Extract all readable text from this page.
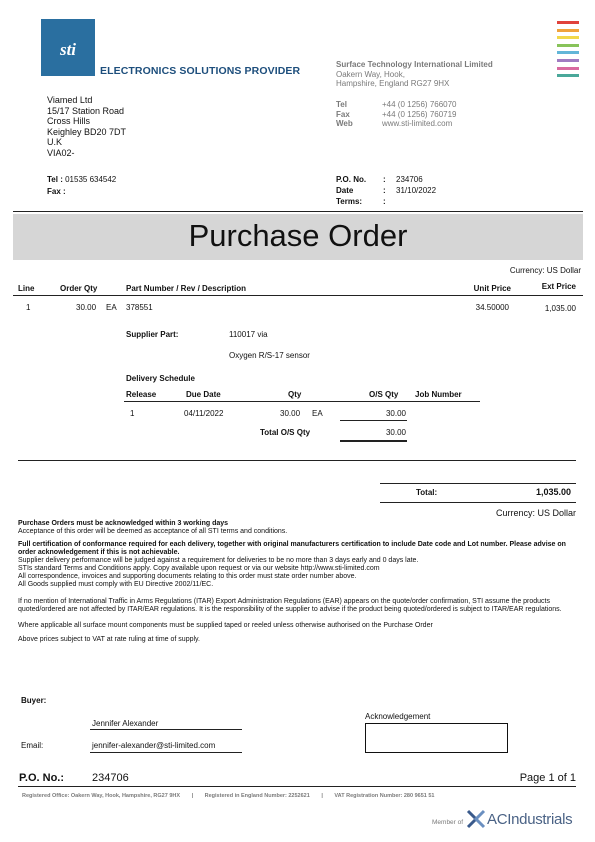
sti
ELECTRONICS SOLUTIONS PROVIDER
Surface Technology International Limited
Oakern Way, Hook,
Hampshire, England RG27 9HX
Tel	+44 (0 1256) 766070
Fax	+44 (0 1256) 760719
Web	www.sti-limited.com
Viamed Ltd
15/17 Station Road
Cross Hills
Keighley BD20 7DT
U.K
VIA02-
Tel : 01535 634542
Fax :
P.O. No.	:	234706
Date	:	31/10/2022
Terms:	:
Purchase Order
Currency: US Dollar
Line	Order Qty	Part Number / Rev / Description	Unit Price	Ext Price
1	30.00 EA 378551	34.50000	1,035.00
Supplier Part:	110017 via
Oxygen R/S-17 sensor
Delivery Schedule
Release	Due Date	Qty	O/S Qty Job Number
1	04/11/2022	30.00 EA	30.00
Total O/S Qty	30.00
Total:	1,035.00
Currency: US Dollar
Purchase Orders must be acknowledged within 3 working days
Acceptance of this order will be deemed as acceptance of all STI terms and conditions.
Full certification of conformance required for each delivery, together with original manufacturers certification to include Date code and Lot number. Please advise on order acknowledgement if this is not achievable.
Supplier delivery performance will be judged against a requirement for deliveries to be no more than 3 days early and 0 days late.
STIs standard Terms and Conditions apply. Copy available upon request or via our website http://www.sti-limited.com
All correspondence, invoices and supporting documents relating to this order must state order number above.
All Goods supplied must comply with EU Directive 2002/11/EC.
If no mention of International Traffic in Arms Regulations (ITAR) Export Administration Regulations (EAR) appears on the quote/order confirmation, STI assume the products quoted/ordered are not affected by ITAR/EAR regulations. It is the responsibility of the supplier to advise if the product being quoted/ordered is subject to ITAR/EAR regulations.
Where applicable all surface mount components must be supplied taped or reeled unless otherwise authorised on the Purchase Order
Above prices subject to VAT at rate ruling at time of supply.
Buyer:
Acknowledgement
Jennifer Alexander
Email:	jennifer-alexander@sti-limited.com
P.O. No.:	234706	Page 1 of 1
Registered Office: Oakern Way, Hook, Hampshire, RG27 9HX | Registered in England Number: 2252621 | VAT Registration Number: 280 9651 51
Member of ACIndustrials
